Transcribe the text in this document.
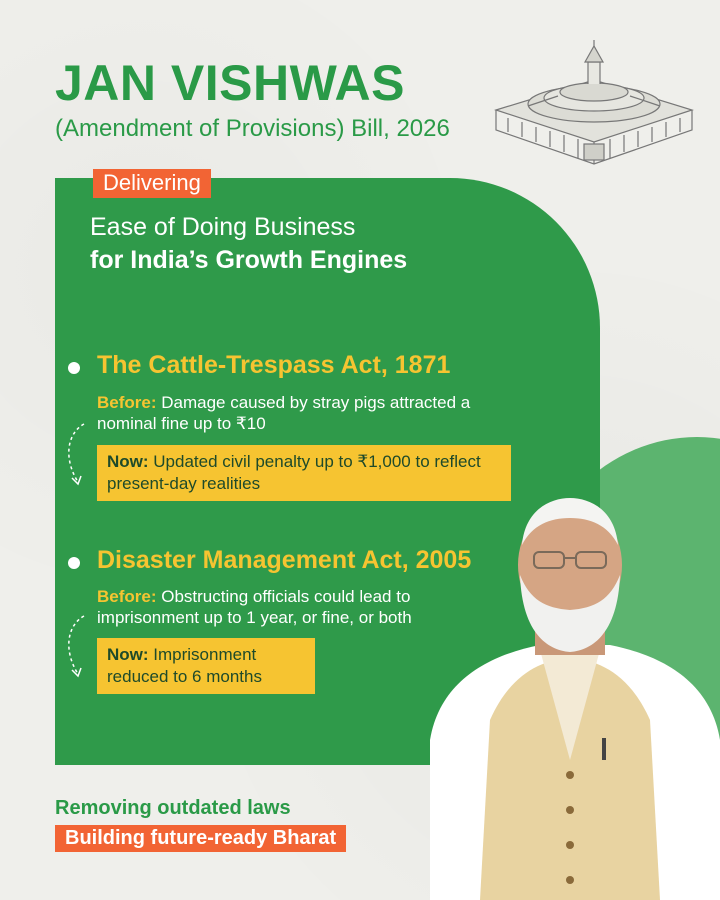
JAN VISHWAS

(Amendment of Provisions) Bill, 2026

Delivering
Ease of Doing Business
for India’s Growth Engines
The Cattle-Trespass Act, 1871
Before: Damage caused by stray pigs attracted a nominal fine up to ₹10
Now: Updated civil penalty up to ₹1,000 to reflect present-day realities
Disaster Management Act, 2005
Before: Obstructing officials could lead to imprisonment up to 1 year, or fine, or both
Now: Imprisonment reduced to 6 months
Removing outdated laws
Building future-ready Bharat
